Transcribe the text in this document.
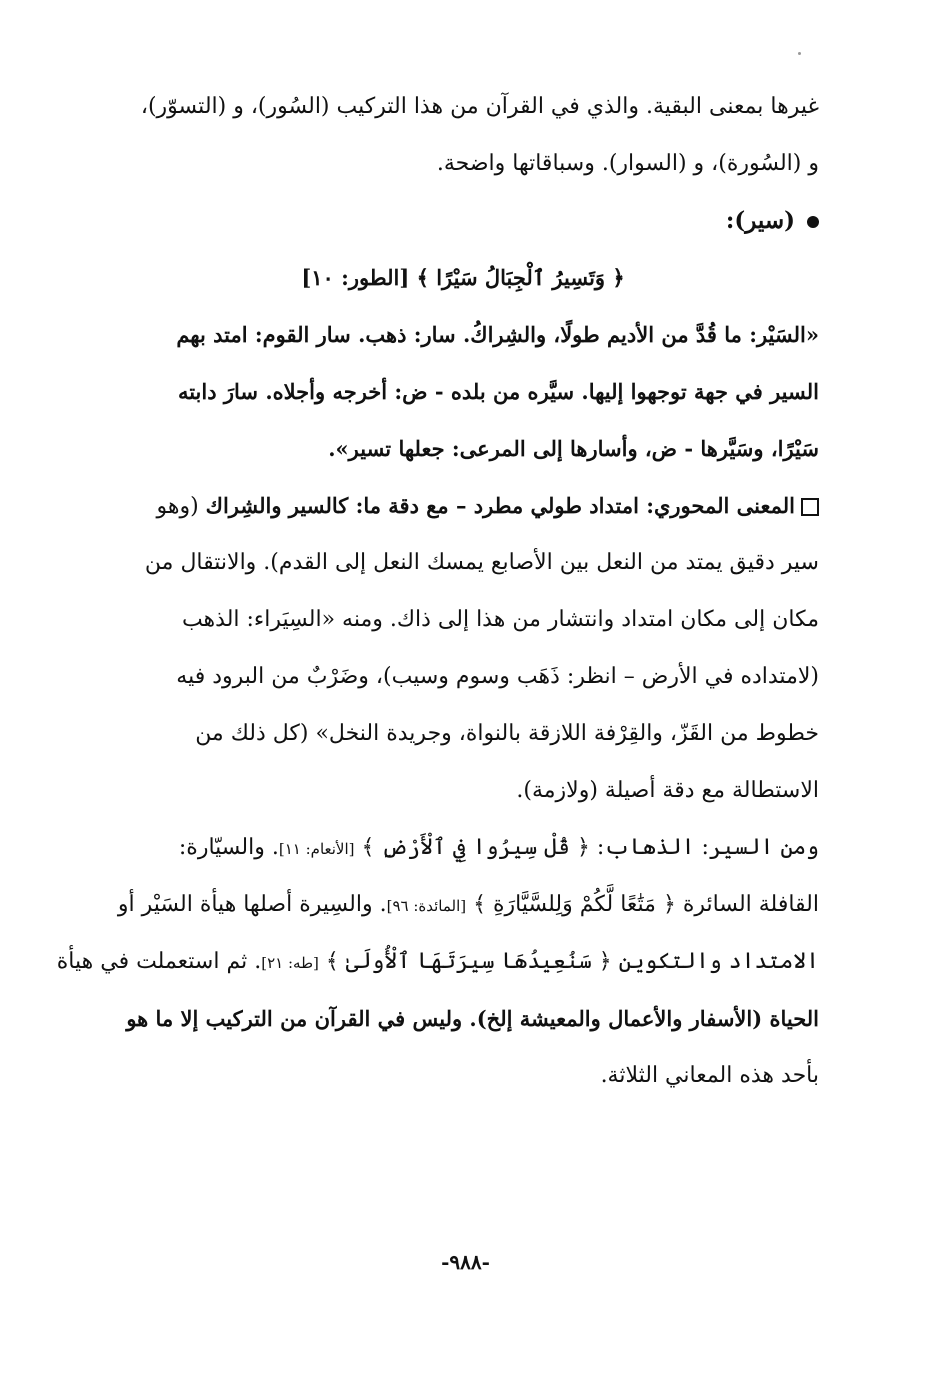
غيرها بمعنى البقية. والذي في القرآن من هذا التركيب (السُور)، و (التسوّر)،
و (السُورة)، و (السوار). وسباقاتها واضحة.
(سير):
﴿ وَتَسِيرُ ٱلْجِبَالُ سَيْرًا ﴾ [الطور: ١٠]
«السَيْر: ما قُدَّ من الأديم طولًا، والشِراكُ. سار: ذهب. سار القوم: امتد بهم
السير في جهة توجهوا إليها. سيَّره من بلده - ض: أخرجه وأجلاه. سارَ دابته
سَيْرًا، وسَيَّرها - ض، وأسارها إلى المرعى: جعلها تسير».
المعنى المحوري: امتداد طولي مطرد – مع دقة ما: كالسير والشِراك (وهو
سير دقيق يمتد من النعل بين الأصابع يمسك النعل إلى القدم). والانتقال من
مكان إلى مكان امتداد وانتشار من هذا إلى ذاك. ومنه «السِيَراء: الذهب
(لامتداده في الأرض – انظر: ذَهَب وسوم وسيب)، وضَرْبٌ من البرود فيه
خطوط من القَزّ، والقِرْفة اللازقة بالنواة، وجريدة النخل» (كل ذلك من
الاستطالة مع دقة أصيلة (ولازمة).
ومن السير: الذهاب: ﴿ قُلْ سِيرُوا فِي ٱلْأَرْضِ ﴾ [الأنعام: ١١]. والسيّارة:
القافلة السائرة ﴿ مَتَٰعًا لَّكُمْ وَلِلسَّيَّارَةِ ﴾ [المائدة: ٩٦]. والسِيرة أصلها هيأة السَيْر أو
الامتداد والتكوين ﴿ سَنُعِيدُهَا سِيرَتَهَا ٱلْأُولَىٰ ﴾ [طه: ٢١]. ثم استعملت في هيأة
الحياة (الأسفار والأعمال والمعيشة إلخ). وليس في القرآن من التركيب إلا ما هو
بأحد هذه المعاني الثلاثة.
-٩٨٨-
